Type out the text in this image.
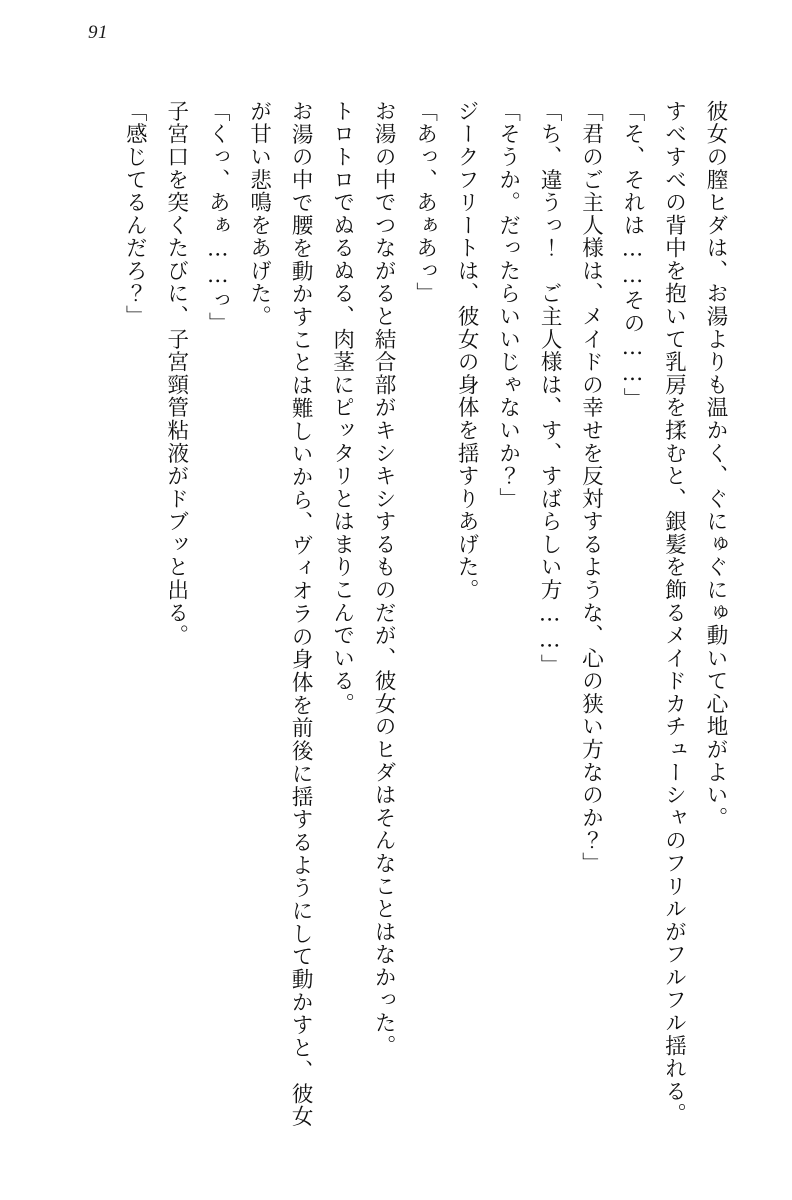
91

彼女の膣ヒダは、お湯よりも温かく、ぐにゅぐにゅ動いて心地がよい。

すべすべの背中を抱いて乳房を揉むと、銀髪を飾るメイドカチューシャのフリルがフルフル揺れる。

「そ、それは……その……」

「君のご主人様は、メイドの幸せを反対するような、心の狭い方なのか？」

「ち、違うっ！　ご主人様は、す、すばらしい方……」

「そうか。だったらいいじゃないか？」

ジークフリートは、彼女の身体を揺すりあげた。

「あっ、あぁあっ」

お湯の中でつながると結合部がキシキシするものだが、彼女のヒダはそんなことはなかった。

トロトロでぬるぬる、肉茎にピッタリとはまりこんでいる。

お湯の中で腰を動かすことは難しいから、ヴィオラの身体を前後に揺するようにして動かすと、彼女が甘い悲鳴をあげた。

「くっ、あぁ……っ」

子宮口を突くたびに、子宮頸管粘液がドブッと出る。

「感じてるんだろ？」
